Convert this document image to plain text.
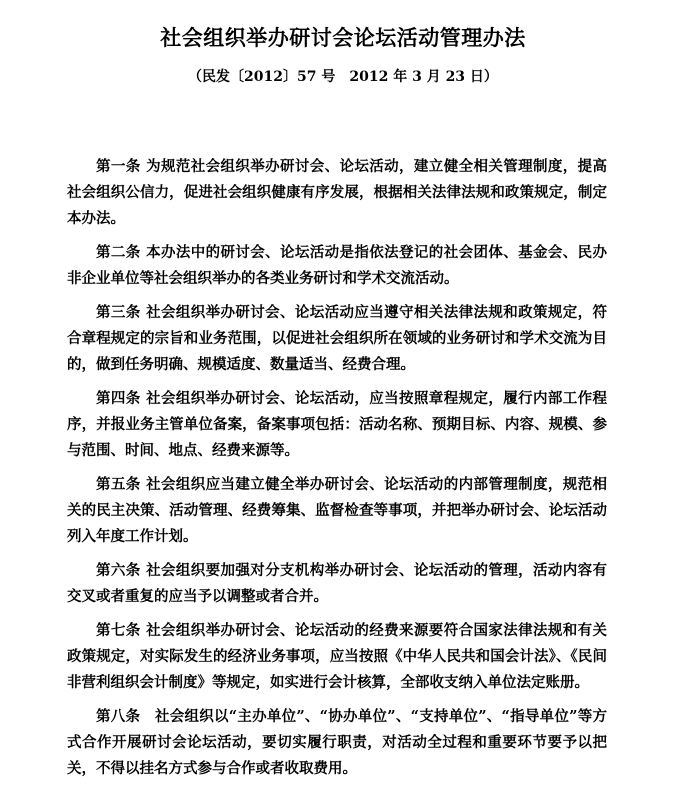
社会组织举办研讨会论坛活动管理办法
（民发〔2012〕57 号　2012 年 3 月 23 日）

第一条 为规范社会组织举办研讨会、论坛活动，建立健全相关管理制度，提高社会组织公信力，促进社会组织健康有序发展，根据相关法律法规和政策规定，制定本办法。

第二条 本办法中的研讨会、论坛活动是指依法登记的社会团体、基金会、民办非企业单位等社会组织举办的各类业务研讨和学术交流活动。

第三条 社会组织举办研讨会、论坛活动应当遵守相关法律法规和政策规定，符合章程规定的宗旨和业务范围，以促进社会组织所在领域的业务研讨和学术交流为目的，做到任务明确、规模适度、数量适当、经费合理。

第四条 社会组织举办研讨会、论坛活动，应当按照章程规定，履行内部工作程序，并报业务主管单位备案，备案事项包括：活动名称、预期目标、内容、规模、参与范围、时间、地点、经费来源等。

第五条 社会组织应当建立健全举办研讨会、论坛活动的内部管理制度，规范相关的民主决策、活动管理、经费筹集、监督检查等事项，并把举办研讨会、论坛活动列入年度工作计划。

第六条 社会组织要加强对分支机构举办研讨会、论坛活动的管理，活动内容有交叉或者重复的应当予以调整或者合并。

第七条 社会组织举办研讨会、论坛活动的经费来源要符合国家法律法规和有关政策规定，对实际发生的经济业务事项，应当按照《中华人民共和国会计法》、《民间非营利组织会计制度》等规定，如实进行会计核算，全部收支纳入单位法定账册。

第八条　社会组织以“主办单位”、“协办单位”、“支持单位”、“指导单位”等方式合作开展研讨会论坛活动，要切实履行职责，对活动全过程和重要环节要予以把关，不得以挂名方式参与合作或者收取费用。
